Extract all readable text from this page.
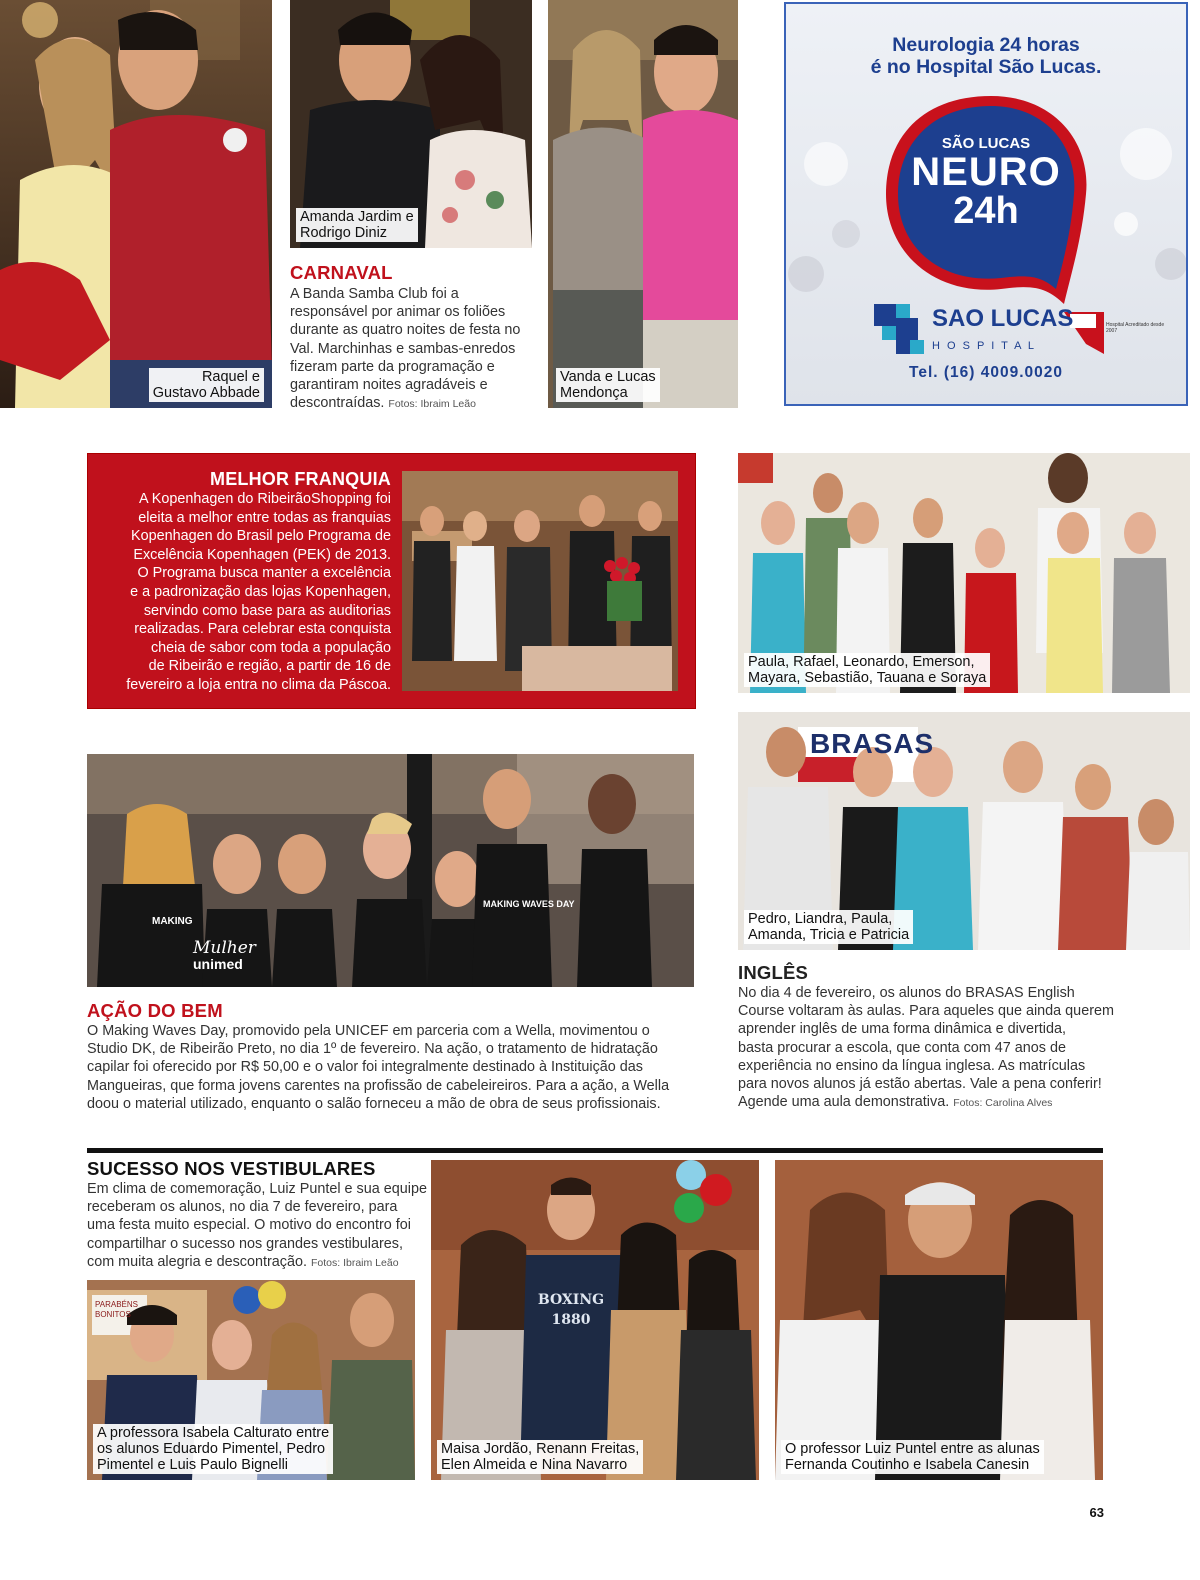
Raquel e
Gustavo Abbade
Amanda Jardim e
Rodrigo Diniz
CARNAVAL
A Banda Samba Club foi a
responsável por animar os foliões
durante as quatro noites de festa no
Val. Marchinhas e sambas-enredos
fizeram parte da programação e
garantiram noites agradáveis e
descontraídas. Fotos: Ibraim Leão
Vanda e Lucas
Mendonça
Neurologia 24 horas
é no Hospital São Lucas.
SÃO LUCAS
NEURO
24h
SAO LUCAS
H O S P I T A L
Hospital Acreditado desde 2007
Tel. (16) 4009.0020
MELHOR FRANQUIA
A Kopenhagen do RibeirãoShopping foi
eleita a melhor entre todas as franquias
Kopenhagen do Brasil pelo Programa de
Excelência Kopenhagen (PEK) de 2013.
O Programa busca manter a excelência
e a padronização das lojas Kopenhagen,
servindo como base para as auditorias
realizadas. Para celebrar esta conquista
cheia de sabor com toda a população
de Ribeirão e região, a partir de 16 de
fevereiro a loja entra no clima da Páscoa.
Paula, Rafael, Leonardo, Emerson,
Mayara, Sebastião, Tauana e Soraya
MAKING
Mulher
unimed
MAKING WAVES DAY
AÇÃO DO BEM
O Making Waves Day, promovido pela UNICEF em parceria com a Wella, movimentou o
Studio DK, de Ribeirão Preto, no dia 1º de fevereiro. Na ação, o tratamento de hidratação
capilar foi oferecido por R$ 50,00 e o valor foi integralmente destinado à Instituição das
Mangueiras, que forma jovens carentes na profissão de cabeleireiros. Para a ação, a Wella
doou o material utilizado, enquanto o salão forneceu a mão de obra de seus profissionais.
BRASAS
Pedro, Liandra, Paula,
Amanda, Tricia e Patricia
INGLÊS
No dia 4 de fevereiro, os alunos do BRASAS English
Course voltaram às aulas. Para aqueles que ainda querem
aprender inglês de uma forma dinâmica e divertida,
basta procurar a escola, que conta com 47 anos de
experiência no ensino da língua inglesa. As matrículas
para novos alunos já estão abertas. Vale a pena conferir!
Agende uma aula demonstrativa. Fotos: Carolina Alves
SUCESSO NOS VESTIBULARES
Em clima de comemoração, Luiz Puntel e sua equipe
receberam os alunos, no dia 7 de fevereiro, para
uma festa muito especial. O motivo do encontro foi
compartilhar o sucesso nos grandes vestibulares,
com muita alegria e descontração. Fotos: Ibraim Leão
PARABÉNS BONITOS
A professora Isabela Calturato entre
os alunos Eduardo Pimentel, Pedro
Pimentel e Luis Paulo Bignelli
BOXING 1880
Maisa Jordão, Renann Freitas,
Elen Almeida e Nina Navarro
O professor Luiz Puntel entre as alunas
Fernanda Coutinho e Isabela Canesin
63
